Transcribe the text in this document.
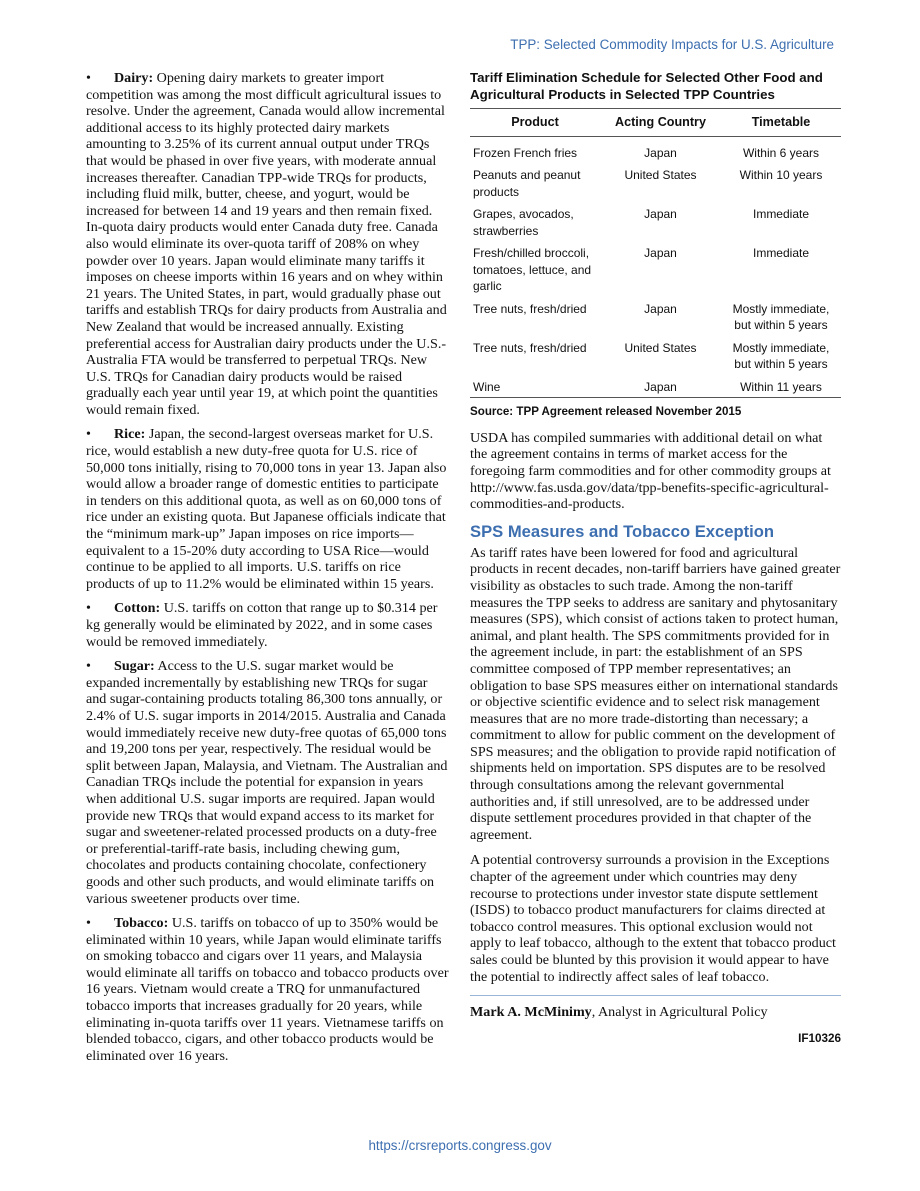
TPP: Selected Commodity Impacts for U.S. Agriculture

• Dairy: Opening dairy markets to greater import competition was among the most difficult agricultural issues to resolve. Under the agreement, Canada would allow incremental additional access to its highly protected dairy markets amounting to 3.25% of its current annual output under TRQs that would be phased in over five years, with moderate annual increases thereafter. Canadian TPP-wide TRQs for products, including fluid milk, butter, cheese, and yogurt, would be increased for between 14 and 19 years and then remain fixed. In-quota dairy products would enter Canada duty free. Canada also would eliminate its over-quota tariff of 208% on whey powder over 10 years. Japan would eliminate many tariffs it imposes on cheese imports within 16 years and on whey within 21 years. The United States, in part, would gradually phase out tariffs and establish TRQs for dairy products from Australia and New Zealand that would be increased annually. Existing preferential access for Australian dairy products under the U.S.-Australia FTA would be transferred to perpetual TRQs. New U.S. TRQs for Canadian dairy products would be raised gradually each year until year 19, at which point the quantities would remain fixed.

• Rice: Japan, the second-largest overseas market for U.S. rice, would establish a new duty-free quota for U.S. rice of 50,000 tons initially, rising to 70,000 tons in year 13. Japan also would allow a broader range of domestic entities to participate in tenders on this additional quota, as well as on 60,000 tons of rice under an existing quota. But Japanese officials indicate that the “minimum mark-up” Japan imposes on rice imports—equivalent to a 15-20% duty according to USA Rice—would continue to be applied to all imports. U.S. tariffs on rice products of up to 11.2% would be eliminated within 15 years.

• Cotton: U.S. tariffs on cotton that range up to $0.314 per kg generally would be eliminated by 2022, and in some cases would be removed immediately.

• Sugar: Access to the U.S. sugar market would be expanded incrementally by establishing new TRQs for sugar and sugar-containing products totaling 86,300 tons annually, or 2.4% of U.S. sugar imports in 2014/2015. Australia and Canada would immediately receive new duty-free quotas of 65,000 tons and 19,200 tons per year, respectively. The residual would be split between Japan, Malaysia, and Vietnam. The Australian and Canadian TRQs include the potential for expansion in years when additional U.S. sugar imports are required. Japan would provide new TRQs that would expand access to its market for sugar and sweetener-related processed products on a duty-free or preferential-tariff-rate basis, including chewing gum, chocolates and products containing chocolate, confectionery goods and other such products, and would eliminate tariffs on various sweetener products over time.

• Tobacco: U.S. tariffs on tobacco of up to 350% would be eliminated within 10 years, while Japan would eliminate tariffs on smoking tobacco and cigars over 11 years, and Malaysia would eliminate all tariffs on tobacco and tobacco products over 16 years. Vietnam would create a TRQ for unmanufactured tobacco imports that increases gradually for 20 years, while eliminating in-quota tariffs over 11 years. Vietnamese tariffs on blended tobacco, cigars, and other tobacco products would be eliminated over 16 years.

Tariff Elimination Schedule for Selected Other Food and Agricultural Products in Selected TPP Countries
Product	Acting Country	Timetable
Frozen French fries	Japan	Within 6 years
Peanuts and peanut products	United States	Within 10 years
Grapes, avocados, strawberries	Japan	Immediate
Fresh/chilled broccoli, tomatoes, lettuce, and garlic	Japan	Immediate
Tree nuts, fresh/dried	Japan	Mostly immediate, but within 5 years
Tree nuts, fresh/dried	United States	Mostly immediate, but within 5 years
Wine	Japan	Within 11 years
Source: TPP Agreement released November 2015

USDA has compiled summaries with additional detail on what the agreement contains in terms of market access for the foregoing farm commodities and for other commodity groups at http://www.fas.usda.gov/data/tpp-benefits-specific-agricultural-commodities-and-products.

SPS Measures and Tobacco Exception

As tariff rates have been lowered for food and agricultural products in recent decades, non-tariff barriers have gained greater visibility as obstacles to such trade. Among the non-tariff measures the TPP seeks to address are sanitary and phytosanitary measures (SPS), which consist of actions taken to protect human, animal, and plant health. The SPS commitments provided for in the agreement include, in part: the establishment of an SPS committee composed of TPP member representatives; an obligation to base SPS measures either on international standards or objective scientific evidence and to select risk management measures that are no more trade-distorting than necessary; a commitment to allow for public comment on the development of SPS measures; and the obligation to provide rapid notification of shipments held on importation. SPS disputes are to be resolved through consultations among the relevant governmental authorities and, if still unresolved, are to be addressed under dispute settlement procedures provided in that chapter of the agreement.

A potential controversy surrounds a provision in the Exceptions chapter of the agreement under which countries may deny recourse to protections under investor state dispute settlement (ISDS) to tobacco product manufacturers for claims directed at tobacco control measures. This optional exclusion would not apply to leaf tobacco, although to the extent that tobacco product sales could be blunted by this provision it would appear to have the potential to indirectly affect sales of leaf tobacco.

Mark A. McMinimy, Analyst in Agricultural Policy
IF10326
https://crsreports.congress.gov
